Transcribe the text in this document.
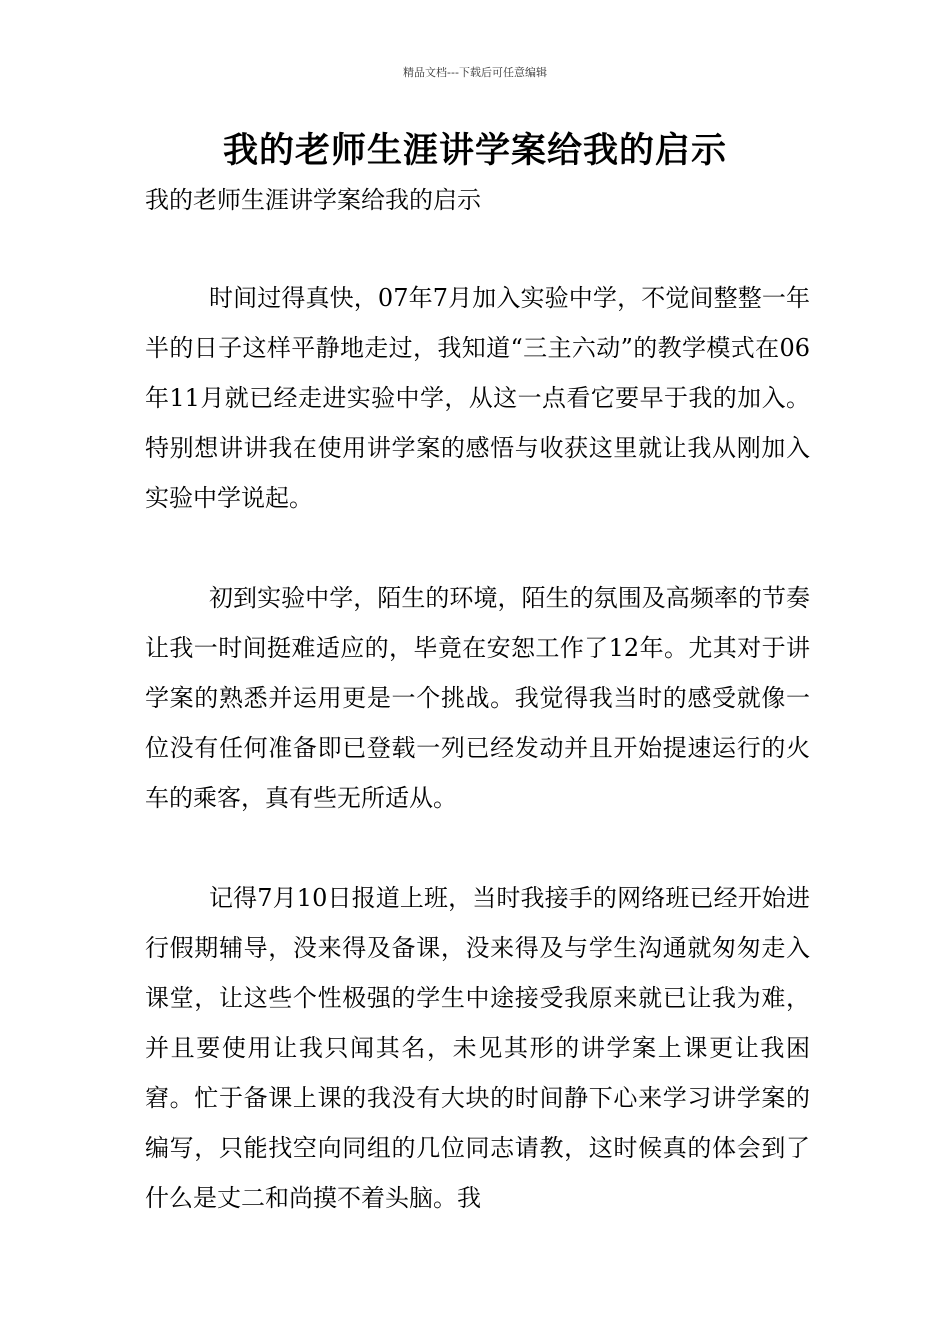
精品文档---下载后可任意编辑
我的老师生涯讲学案给我的启示
我的老师生涯讲学案给我的启示

时间过得真快，07年7月加入实验中学，不觉间整整一年半的日子这样平静地走过，我知道“三主六动”的教学模式在06年11月就已经走进实验中学，从这一点看它要早于我的加入。特别想讲讲我在使用讲学案的感悟与收获这里就让我从刚加入实验中学说起。

初到实验中学，陌生的环境，陌生的氛围及高频率的节奏让我一时间挺难适应的，毕竟在安恕工作了12年。尤其对于讲学案的熟悉并运用更是一个挑战。我觉得我当时的感受就像一位没有任何准备即已登载一列已经发动并且开始提速运行的火车的乘客，真有些无所适从。

记得7月10日报道上班，当时我接手的网络班已经开始进行假期辅导，没来得及备课，没来得及与学生沟通就匆匆走入课堂，让这些个性极强的学生中途接受我原来就已让我为难，并且要使用让我只闻其名，未见其形的讲学案上课更让我困窘。忙于备课上课的我没有大块的时间静下心来学习讲学案的编写，只能找空向同组的几位同志请教，这时候真的体会到了什么是丈二和尚摸不着头脑。我
